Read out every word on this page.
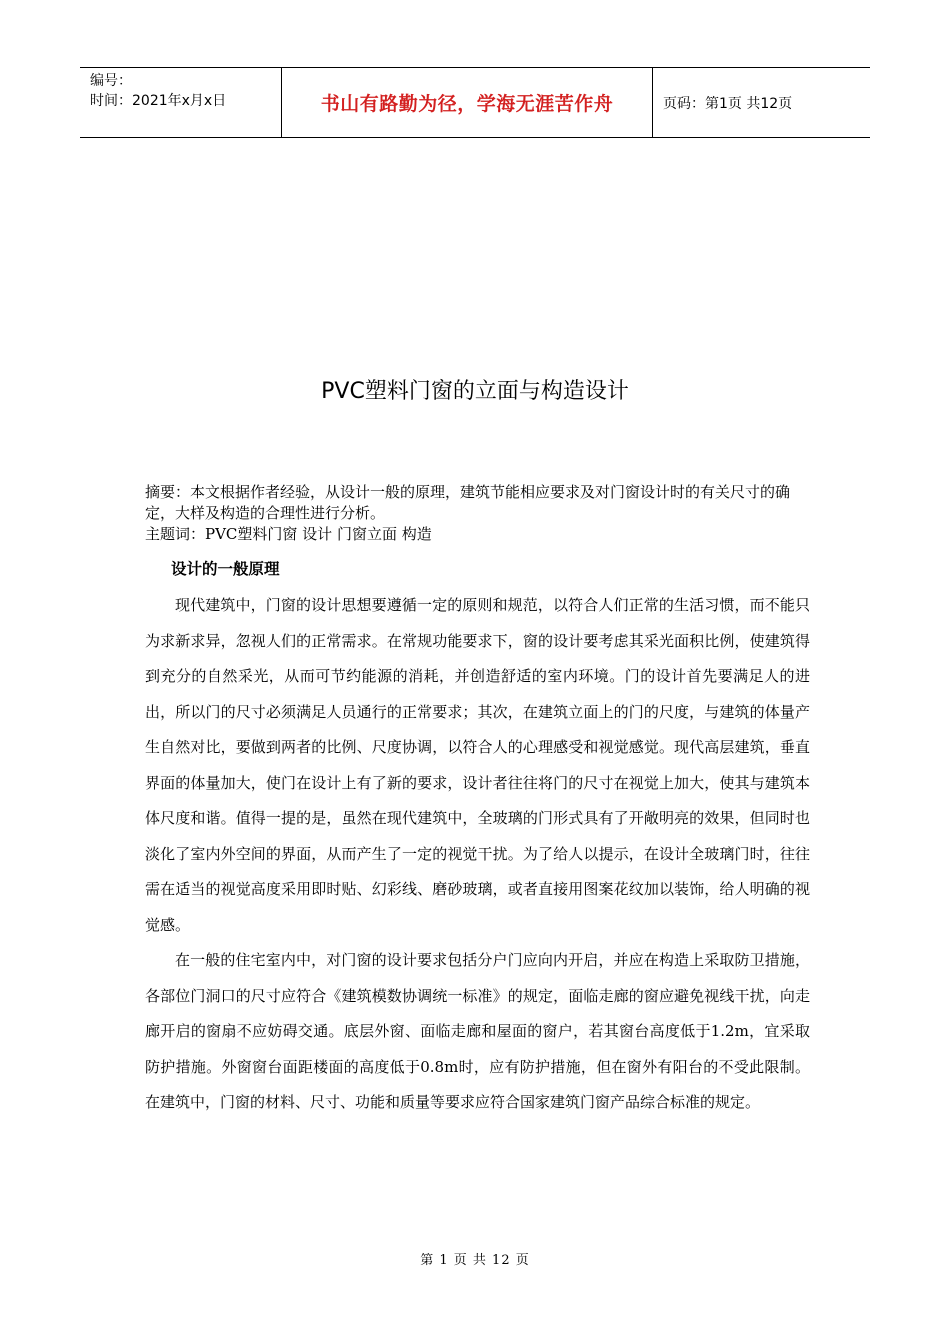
编号：
时间：2021年x月x日	书山有路勤为径，学海无涯苦作舟	页码：第1页 共12页
PVC塑料门窗的立面与构造设计

摘要：本文根据作者经验，从设计一般的原理，建筑节能相应要求及对门窗设计时的有关尺寸的确定，大样及构造的合理性进行分析。

主题词：PVC塑料门窗 设计 门窗立面 构造

设计的一般原理

现代建筑中，门窗的设计思想要遵循一定的原则和规范，以符合人们正常的生活习惯，而不能只为求新求异，忽视人们的正常需求。在常规功能要求下，窗的设计要考虑其采光面积比例，使建筑得到充分的自然采光，从而可节约能源的消耗，并创造舒适的室内环境。门的设计首先要满足人的进出，所以门的尺寸必须满足人员通行的正常要求；其次，在建筑立面上的门的尺度，与建筑的体量产生自然对比，要做到两者的比例、尺度协调，以符合人的心理感受和视觉感觉。现代高层建筑，垂直界面的体量加大，使门在设计上有了新的要求，设计者往往将门的尺寸在视觉上加大，使其与建筑本体尺度和谐。值得一提的是，虽然在现代建筑中，全玻璃的门形式具有了开敞明亮的效果，但同时也淡化了室内外空间的界面，从而产生了一定的视觉干扰。为了给人以提示，在设计全玻璃门时，往往需在适当的视觉高度采用即时贴、幻彩线、磨砂玻璃，或者直接用图案花纹加以装饰，给人明确的视觉感。

在一般的住宅室内中，对门窗的设计要求包括分户门应向内开启，并应在构造上采取防卫措施，各部位门洞口的尺寸应符合《建筑模数协调统一标准》的规定，面临走廊的窗应避免视线干扰，向走廊开启的窗扇不应妨碍交通。底层外窗、面临走廊和屋面的窗户，若其窗台高度低于1.2m，宜采取防护措施。外窗窗台面距楼面的高度低于0.8m时，应有防护措施，但在窗外有阳台的不受此限制。在建筑中，门窗的材料、尺寸、功能和质量等要求应符合国家建筑门窗产品综合标准的规定。

第 1 页 共 12 页
